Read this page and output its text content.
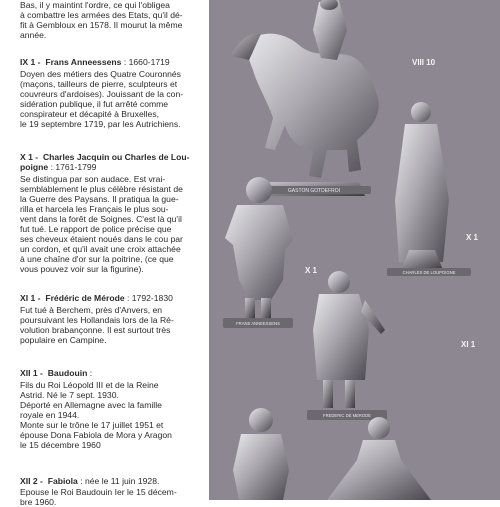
Bas, il y maintint l'ordre, ce qui l'obligea
à combattre les armées des Etats, qu'il dé-
fit à Gembloux en 1578. Il mourut la même
année.
IX 1 - Frans Anneessens : 1660-1719
Doyen des métiers des Quatre Couronnés
(maçons, tailleurs de pierre, sculpteurs et
couvreurs d'ardoises). Jouissant de la con-
sidération publique, il fut arrêté comme
conspirateur et décapité à Bruxelles,
le 19 septembre 1719, par les Autrichiens.
X 1 - Charles Jacquin ou Charles de Lou-
poigne : 1761-1799
Se distingua par son audace. Est vrai-
semblablement le plus célèbre résistant de
la Guerre des Paysans. Il pratiqua la gue-
rilla et harcela les Français le plus sou-
vent dans la forêt de Soignes. C'est là qu'il
fut tué. Le rapport de police précise que
ses cheveux étaient noués dans le cou par
un cordon, et qu'il avait une croix attachée
à une chaîne d'or sur la poitrine, (ce que
vous pouvez voir sur la figurine).
XI 1 - Frédéric de Mérode : 1792-1830
Fut tué à Berchem, près d'Anvers, en
poursuivant les Hollandais lors de la Ré-
volution brabançonne. Il est surtout très
populaire en Campine.
XII 1 - Baudouin :
Fils du Roi Léopold III et de la Reine
Astrid. Né le 7 sept. 1930.
Déporté en Allemagne avec la famille
royale en 1944.
Monte sur le trône le 17 juillet 1951 et
épouse Dona Fabiola de Mora y Aragon
le 15 décembre 1960
XII 2 - Fabiola : née le 11 juin 1928.
Epouse le Roi Baudouin Ier le 15 décem-
bre 1960.
GASTON GOTDEFROI
CHARLES DE LOUPOIGNE
FRANS ANNEESSENS
FREDERIC DE MERODE
VIII 10
X 1
X 1
XI 1
